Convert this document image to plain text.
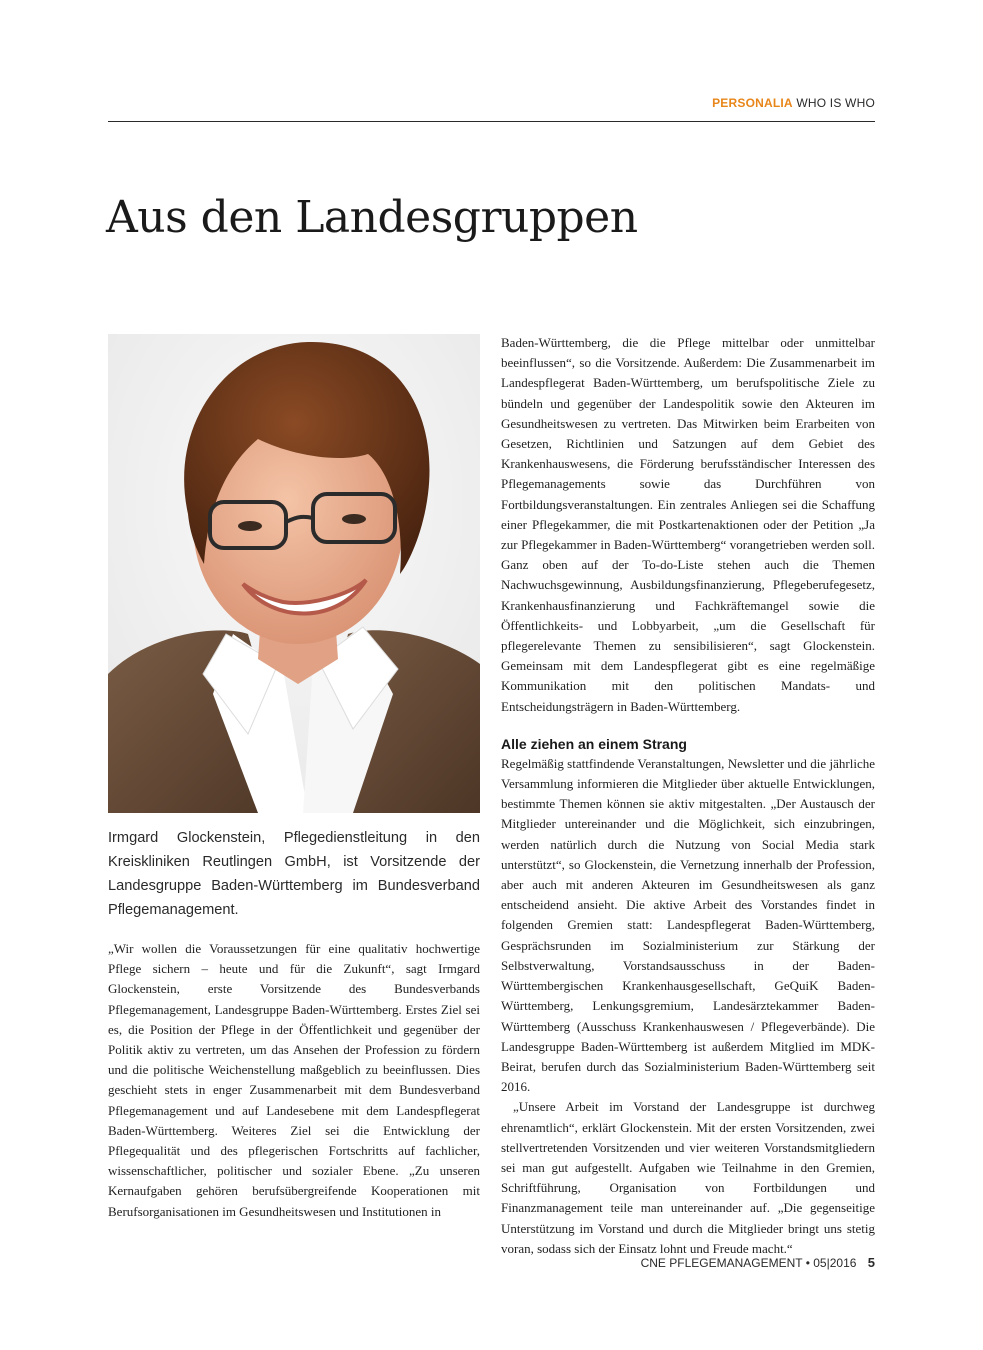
PERSONALIA WHO IS WHO
Aus den Landesgruppen

Irmgard Glockenstein, Pflegedienstleitung in den Kreiskliniken Reutlingen GmbH, ist Vorsitzende der Landesgruppe Baden-Württemberg im Bundesverband Pflegemanagement.

„Wir wollen die Voraussetzungen für eine qualitativ hochwertige Pflege sichern – heute und für die Zukunft“, sagt Irmgard Glockenstein, erste Vorsitzende des Bundesverbands Pflegemanagement, Landesgruppe Baden-Württemberg. Erstes Ziel sei es, die Position der Pflege in der Öffentlichkeit und gegenüber der Politik aktiv zu vertreten, um das Ansehen der Profession zu fördern und die politische Weichenstellung maßgeblich zu beeinflussen. Dies geschieht stets in enger Zusammenarbeit mit dem Bundesverband Pflegemanagement und auf Landesebene mit dem Landespflegerat Baden-Württemberg. Weiteres Ziel sei die Entwicklung der Pflegequalität und des pflegerischen Fortschritts auf fachlicher, wissenschaftlicher, politischer und sozialer Ebene. „Zu unseren Kernaufgaben gehören berufsübergreifende Kooperationen mit Berufsorganisationen im Gesundheitswesen und Institutionen in

Baden-Württemberg, die die Pflege mittelbar oder unmittelbar beeinflussen“, so die Vorsitzende. Außerdem: Die Zusammenarbeit im Landespflegerat Baden-Württemberg, um berufspolitische Ziele zu bündeln und gegenüber der Landespolitik sowie den Akteuren im Gesundheitswesen zu vertreten. Das Mitwirken beim Erarbeiten von Gesetzen, Richtlinien und Satzungen auf dem Gebiet des Krankenhauswesens, die Förderung berufsständischer Interessen des Pflegemanagements sowie das Durchführen von Fortbildungsveranstaltungen. Ein zentrales Anliegen sei die Schaffung einer Pflegekammer, die mit Postkartenaktionen oder der Petition „Ja zur Pflegekammer in Baden-Württemberg“ vorangetrieben werden soll. Ganz oben auf der To-do-Liste stehen auch die Themen Nachwuchsgewinnung, Ausbildungsfinanzierung, Pflegeberufegesetz, Krankenhausfinanzierung und Fachkräftemangel sowie die Öffentlichkeits- und Lobbyarbeit, „um die Gesellschaft für pflegerelevante Themen zu sensibilisieren“, sagt Glockenstein. Gemeinsam mit dem Landespflegerat gibt es eine regelmäßige Kommunikation mit den politischen Mandats- und Entscheidungsträgern in Baden-Württemberg.

Alle ziehen an einem Strang

Regelmäßig stattfindende Veranstaltungen, Newsletter und die jährliche Versammlung informieren die Mitglieder über aktuelle Entwicklungen, bestimmte Themen können sie aktiv mitgestalten. „Der Austausch der Mitglieder untereinander und die Möglichkeit, sich einzubringen, werden natürlich durch die Nutzung von Social Media stark unterstützt“, so Glockenstein, die Vernetzung innerhalb der Profession, aber auch mit anderen Akteuren im Gesundheitswesen als ganz entscheidend ansieht. Die aktive Arbeit des Vorstandes findet in folgenden Gremien statt: Landespflegerat Baden-Württemberg, Gesprächsrunden im Sozialministerium zur Stärkung der Selbstverwaltung, Vorstandsausschuss in der Baden-Württembergischen Krankenhausgesellschaft, GeQuiK Baden-Württemberg, Lenkungsgremium, Landesärztekammer Baden-Württemberg (Ausschuss Krankenhauswesen / Pflegeverbände). Die Landesgruppe Baden-Württemberg ist außerdem Mitglied im MDK-Beirat, berufen durch das Sozialministerium Baden-Württemberg seit 2016.

„Unsere Arbeit im Vorstand der Landesgruppe ist durchweg ehrenamtlich“, erklärt Glockenstein. Mit der ersten Vorsitzenden, zwei stellvertretenden Vorsitzenden und vier weiteren Vorstandsmitgliedern sei man gut aufgestellt. Aufgaben wie Teilnahme in den Gremien, Schriftführung, Organisation von Fortbildungen und Finanzmanagement teile man untereinander auf. „Die gegenseitige Unterstützung im Vorstand und durch die Mitglieder bringt uns stetig voran, sodass sich der Einsatz lohnt und Freude macht.“

CNE PFLEGEMANAGEMENT • 05|2016 5
